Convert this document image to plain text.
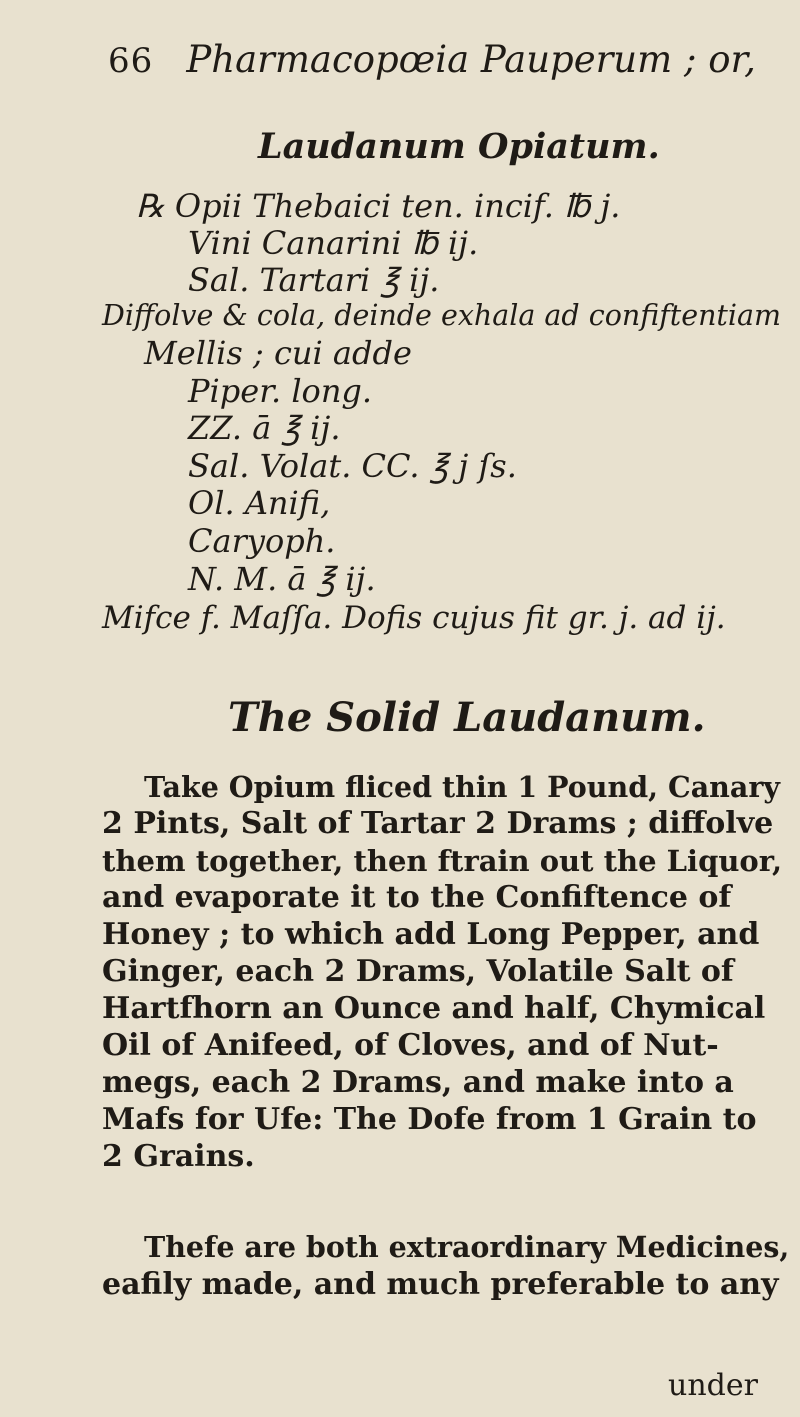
66 Pharmacopœia Pauperum ; or,
Laudanum Opiatum.
℞ Opii Thebaici ten. incif. ℔ j.
Vini Canarini ℔ ij.
Sal. Tartari ℥ ij.
Diffolve & cola, deinde exhala ad confiftentiam
Mellis ; cui adde
Piper. long.
ZZ. ā ℥ ij.
Sal. Volat. CC. ℥ j ſs.
Ol. Anifi,
Caryoph.
N. M. ā ℥ ij.
Mifce f. Maſſa. Dofis cujus fit gr. j. ad ij.
The Solid Laudanum.
Take Opium fliced thin 1 Pound, Canary
2 Pints, Salt of Tartar 2 Drams ; diffolve
them together, then ftrain out the Liquor,
and evaporate it to the Confiftence of
Honey ; to which add Long Pepper, and
Ginger, each 2 Drams, Volatile Salt of
Hartfhorn an Ounce and half, Chymical
Oil of Anifeed, of Cloves, and of Nut-
megs, each 2 Drams, and make into a
Mafs for Ufe: The Dofe from 1 Grain to
2 Grains.
Thefe are both extraordinary Medicines,
eafily made, and much preferable to any
under
